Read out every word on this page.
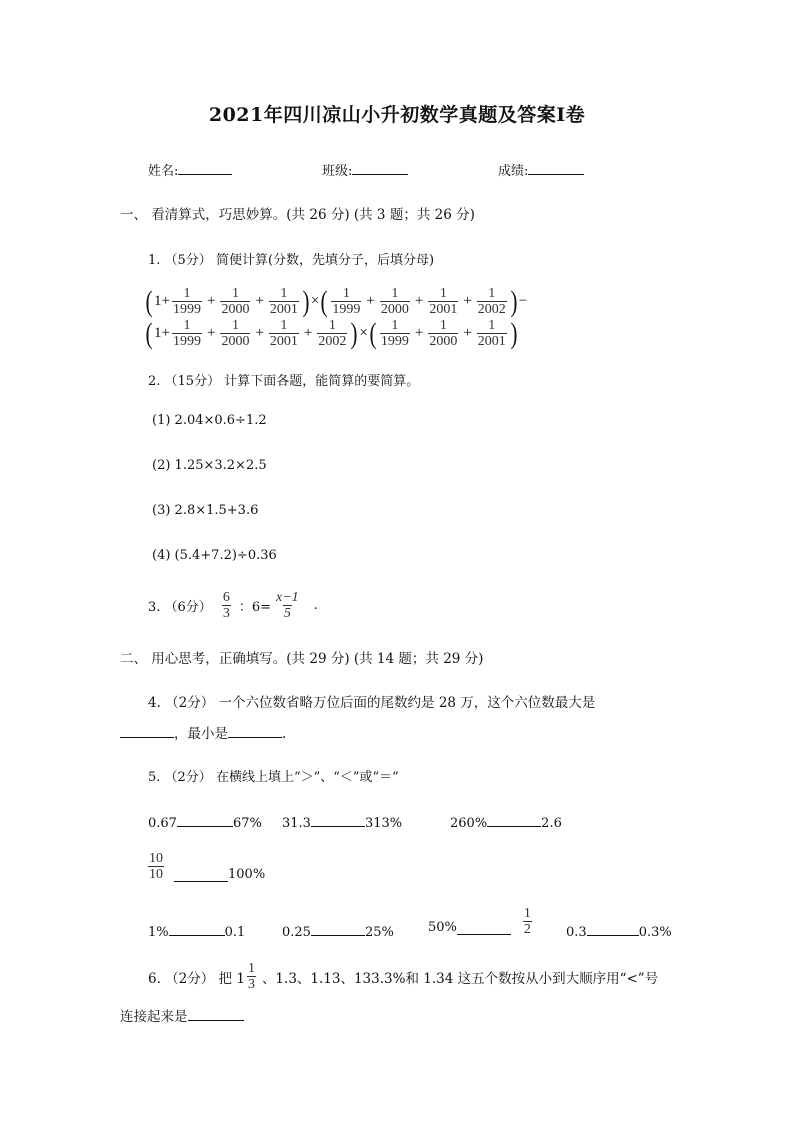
2021年四川凉山小升初数学真题及答案Ⅰ卷
姓名:	班级:	成绩:
一、 看清算式，巧思妙算。(共 26 分) (共 3 题；共 26 分)
1. （5分） 简便计算(分数，先填分子，后填分母)
( $1+ \frac{1}{1999} + \frac{1}{2000} + \frac{1}{2001}$ ) × ( $\frac{1}{1999} + \frac{1}{2000} + \frac{1}{2001} + \frac{1}{2002}$ ) −
( $1+ \frac{1}{1999} + \frac{1}{2000} + \frac{1}{2001} + \frac{1}{2002}$ ) × ( $\frac{1}{1999} + \frac{1}{2000} + \frac{1}{2001}$ )
2. （15分） 计算下面各题，能简算的要简算。
(1) 2.04×0.6÷1.2
(2) 1.25×3.2×2.5
(3) 2.8×1.5+3.6
(4) (5.4+7.2)÷0.36
3. （6分） $\frac{6}{3}$ ：$6= \frac{x-1}{5}$ .
二、 用心思考，正确填写。(共 29 分) (共 14 题；共 29 分)
4. （2分） 一个六位数省略万位后面的尾数约是 28 万，这个六位数最大是
，最小是	.
5. （2分） 在横线上填上“＞”、“＜”或“＝”
0.67	67% 31.3	313%	260%	2.6
$\frac{10}{10}$	100%
1%	0.1	0.25	25%	50%	$\frac{1}{2}$	0.3	0.3%
6. （2分） 把 $1 \frac{1}{3}$ 、1.3、1.13、133.3%和 1.34 这五个数按从小到大顺序用“<”号
连接起来是
